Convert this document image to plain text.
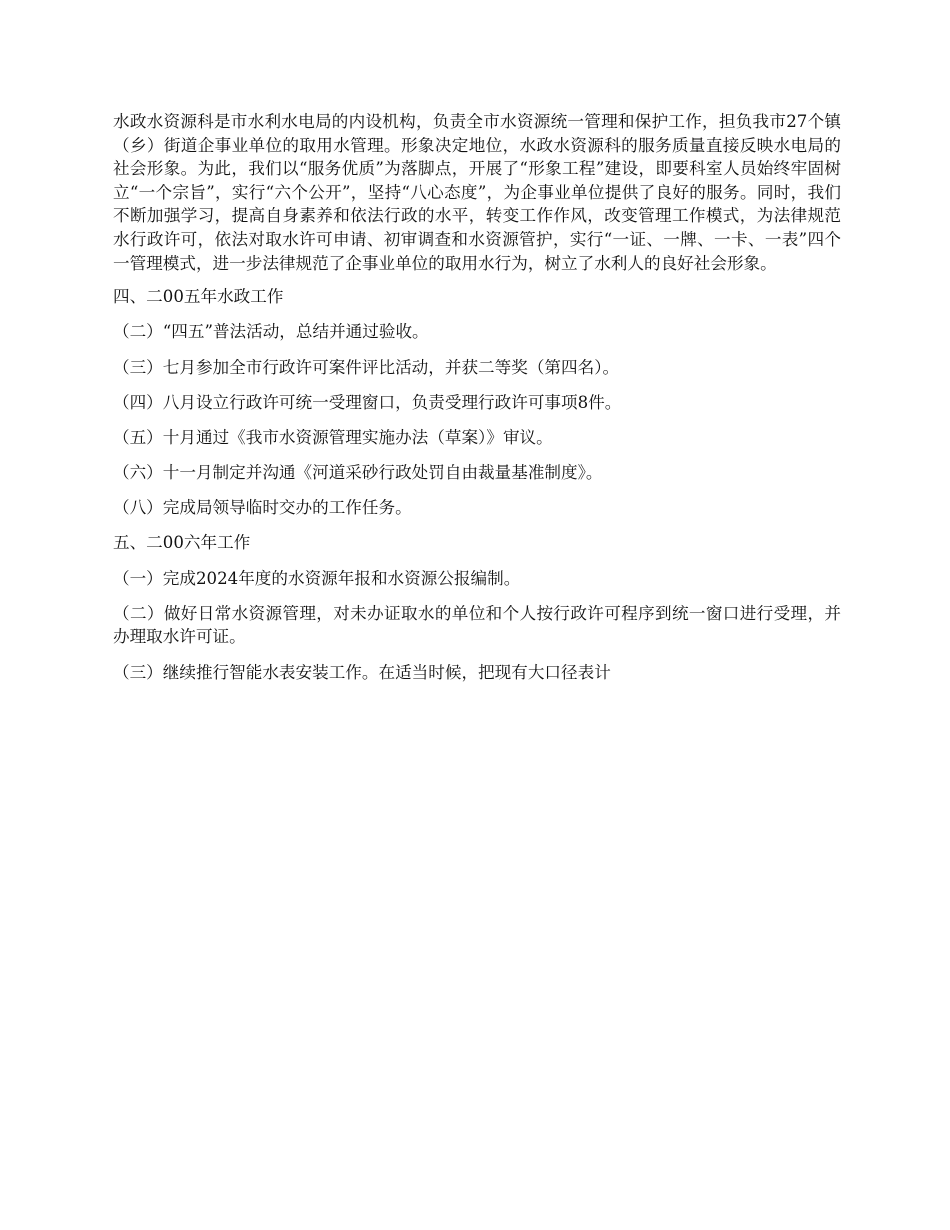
水政水资源科是市水利水电局的内设机构，负责全市水资源统一管理和保护工作，担负我市27个镇（乡）街道企事业单位的取用水管理。形象决定地位，水政水资源科的服务质量直接反映水电局的社会形象。为此，我们以“服务优质”为落脚点，开展了“形象工程”建设，即要科室人员始终牢固树立“一个宗旨”，实行“六个公开”，坚持“八心态度”，为企事业单位提供了良好的服务。同时，我们不断加强学习，提高自身素养和依法行政的水平，转变工作作风，改变管理工作模式，为法律规范水行政许可，依法对取水许可申请、初审调查和水资源管护，实行“一证、一牌、一卡、一表”四个一管理模式，进一步法律规范了企事业单位的取用水行为，树立了水利人的良好社会形象。

四、二00五年水政工作

（二）“四五”普法活动，总结并通过验收。

（三）七月参加全市行政许可案件评比活动，并获二等奖（第四名）。

（四）八月设立行政许可统一受理窗口，负责受理行政许可事项8件。

（五）十月通过《我市水资源管理实施办法（草案）》审议。

（六）十一月制定并沟通《河道采砂行政处罚自由裁量基准制度》。

（八）完成局领导临时交办的工作任务。

五、二00六年工作

（一）完成2024年度的水资源年报和水资源公报编制。

（二）做好日常水资源管理，对未办证取水的单位和个人按行政许可程序到统一窗口进行受理，并办理取水许可证。

（三）继续推行智能水表安装工作。在适当时候，把现有大口径表计
